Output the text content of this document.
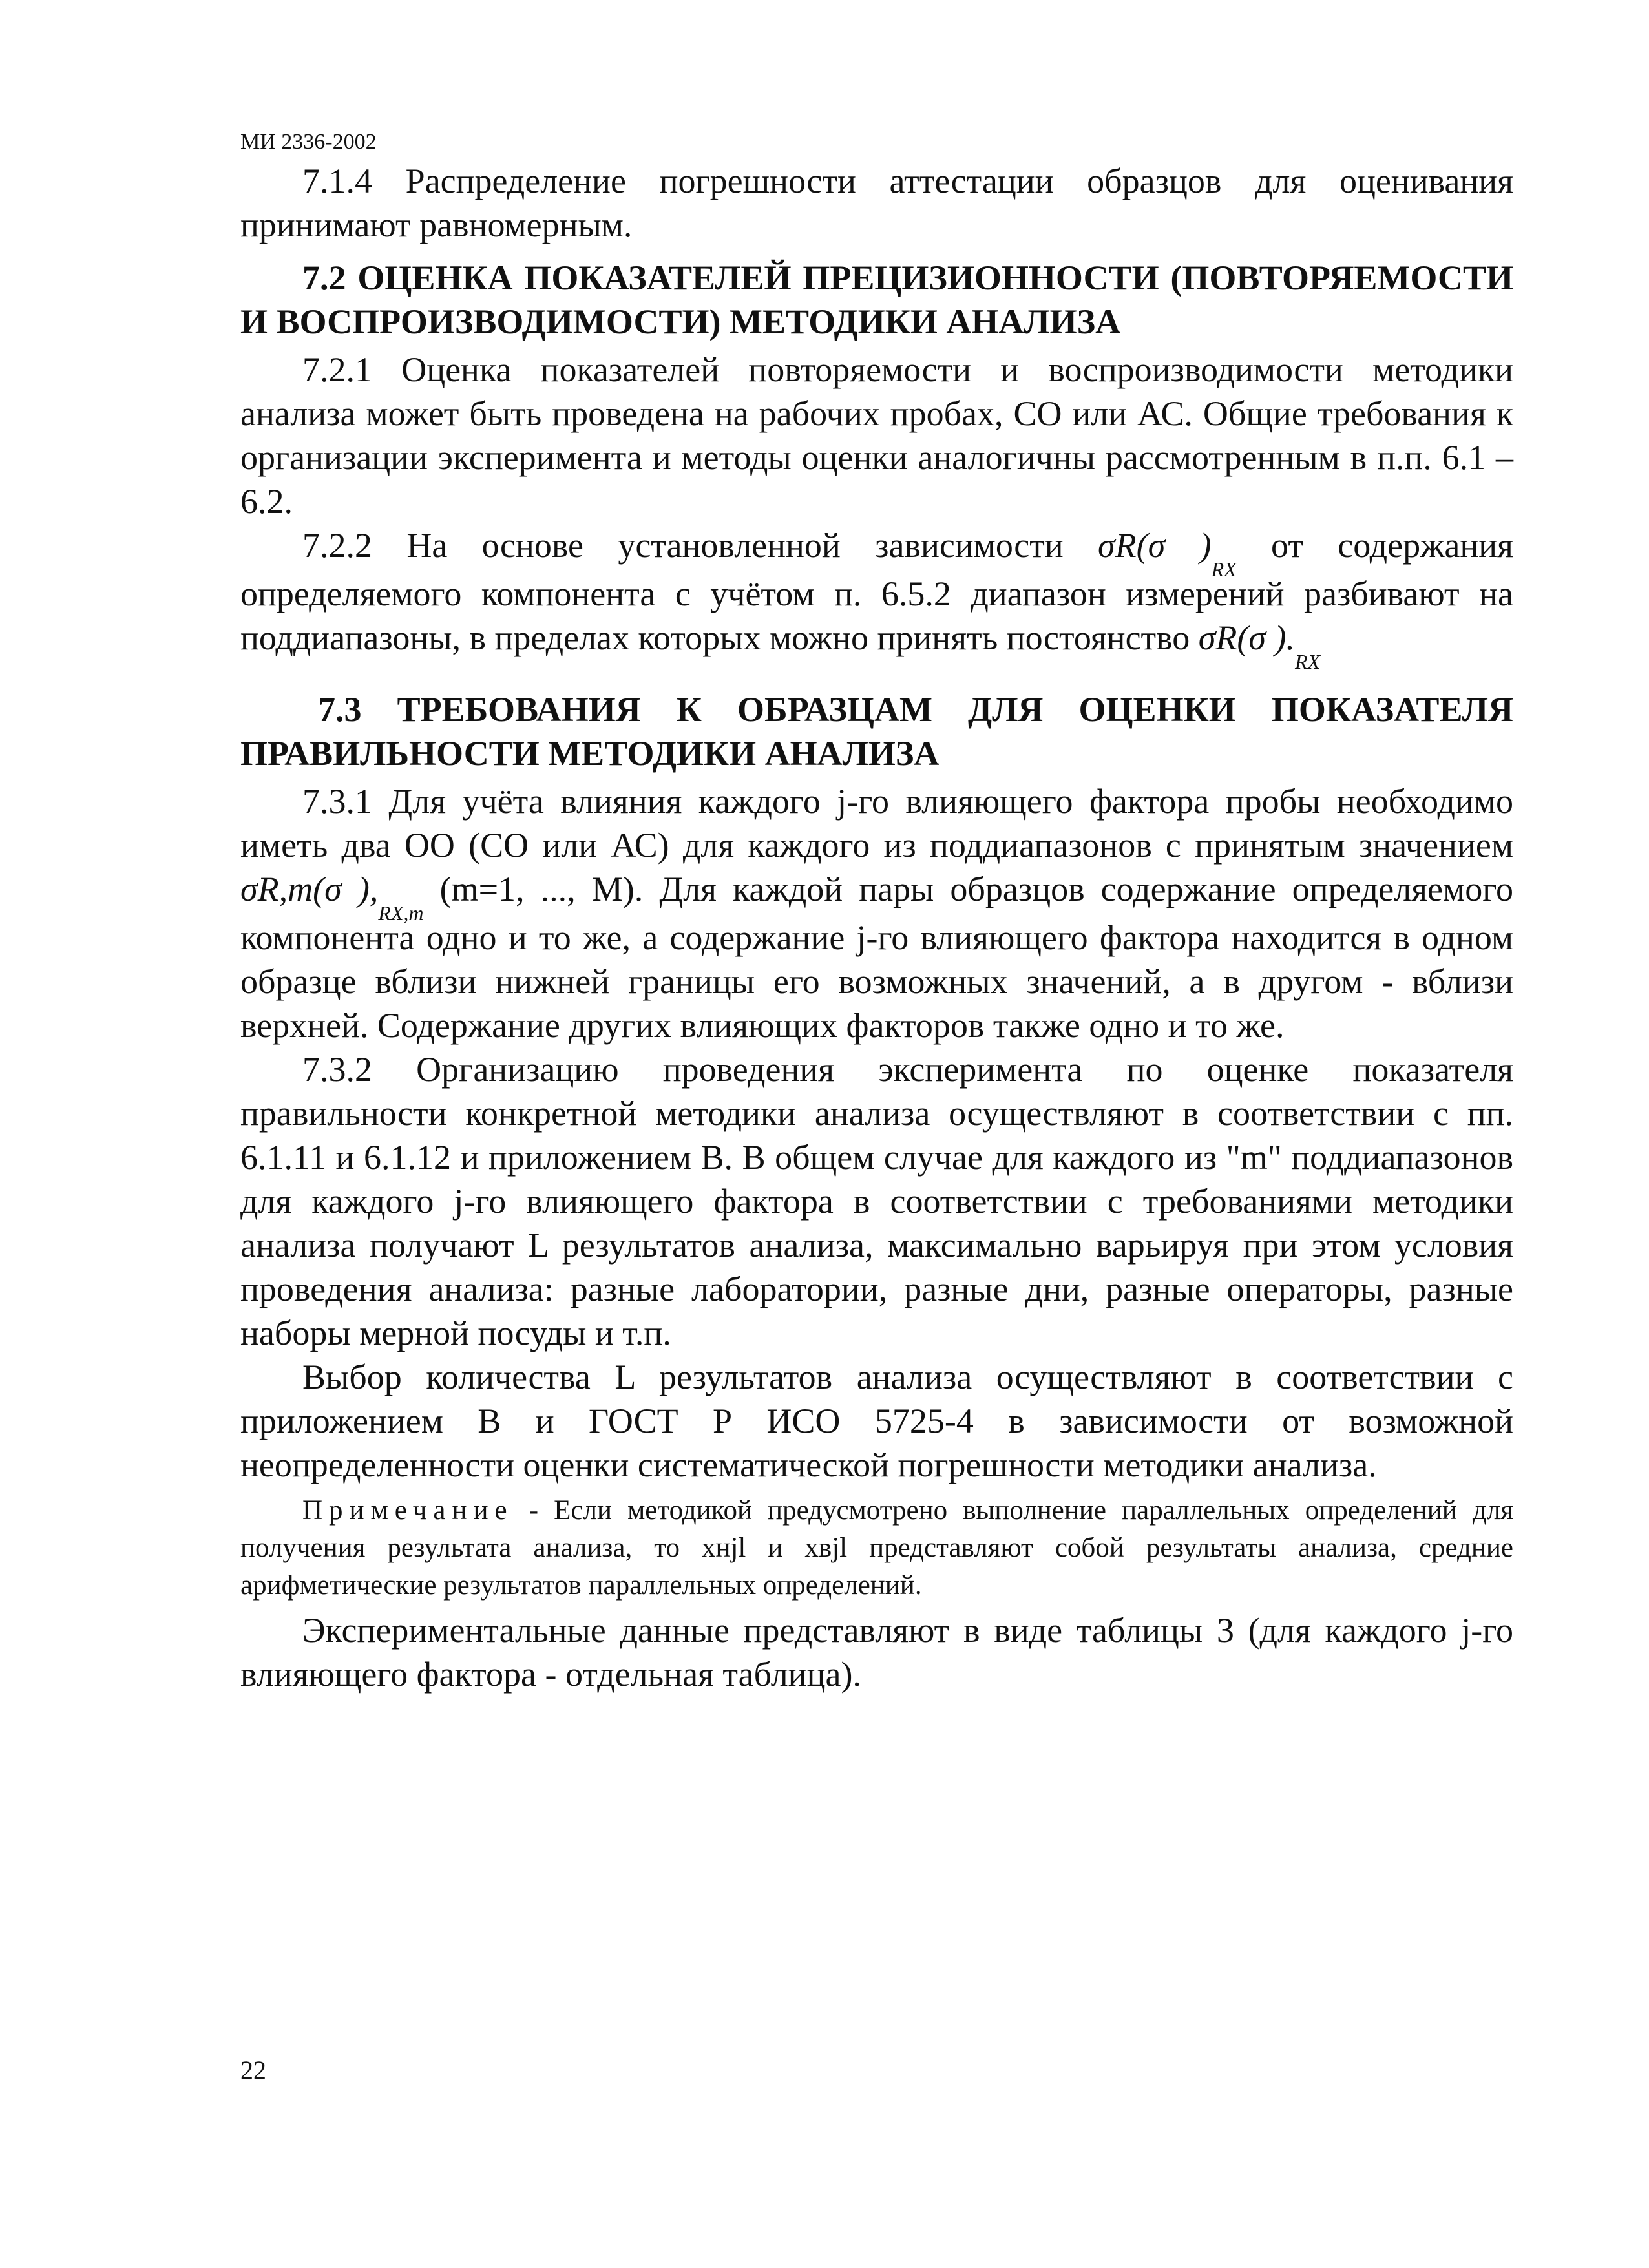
МИ 2336-2002

7.1.4 Распределение погрешности аттестации образцов для оценивания принимают равномерным.

7.2 ОЦЕНКА ПОКАЗАТЕЛЕЙ ПРЕЦИЗИОННОСТИ (ПОВТОРЯЕМОСТИ И ВОСПРОИЗВОДИМОСТИ) МЕТОДИКИ АНАЛИЗА

7.2.1 Оценка показателей повторяемости и воспроизводимости методики анализа может быть проведена на рабочих пробах, СО или АС. Общие требования к организации эксперимента и методы оценки аналогичны рассмотренным в п.п. 6.1 – 6.2.

7.2.2 На основе установленной зависимости σR(σ )$_{RX}$ от содержания определяемого компонента с учётом п. 6.5.2 диапазон измерений разбивают на поддиапазоны, в пределах которых можно принять постоянство σR(σ )$._{RX}$

7.3 ТРЕБОВАНИЯ К ОБРАЗЦАМ ДЛЯ ОЦЕНКИ ПОКАЗАТЕЛЯ ПРАВИЛЬНОСТИ МЕТОДИКИ АНАЛИЗА

7.3.1 Для учёта влияния каждого j-го влияющего фактора пробы необходимо иметь два ОО (СО или АС) для каждого из поддиапазонов с принятым значением σR,m(σ )$,_{RX,m}$ (m=1, ..., M). Для каждой пары образцов содержание определяемого компонента одно и то же, а содержание j-го влияющего фактора находится в одном образце вблизи нижней границы его возможных значений, а в другом - вблизи верхней. Содержание других влияющих факторов также одно и то же.

7.3.2 Организацию проведения эксперимента по оценке показателя правильности конкретной методики анализа осуществляют в соответствии с пп. 6.1.11 и 6.1.12 и приложением В. В общем случае для каждого из "m" поддиапазонов для каждого j-го влияющего фактора в соответствии с требованиями методики анализа получают L результатов анализа, максимально варьируя при этом условия проведения анализа: разные лаборатории, разные дни, разные операторы, разные наборы мерной посуды и т.п.

Выбор количества L результатов анализа осуществляют в соответствии с приложением В и ГОСТ Р ИСО 5725-4 в зависимости от возможной неопределенности оценки систематической погрешности методики анализа.

Примечание - Если методикой предусмотрено выполнение параллельных определений для получения результата анализа, то xнjl и xвjl представляют собой результаты анализа, средние арифметические результатов параллельных определений.

Экспериментальные данные представляют в виде таблицы 3 (для каждого j-го влияющего фактора - отдельная таблица).

22
